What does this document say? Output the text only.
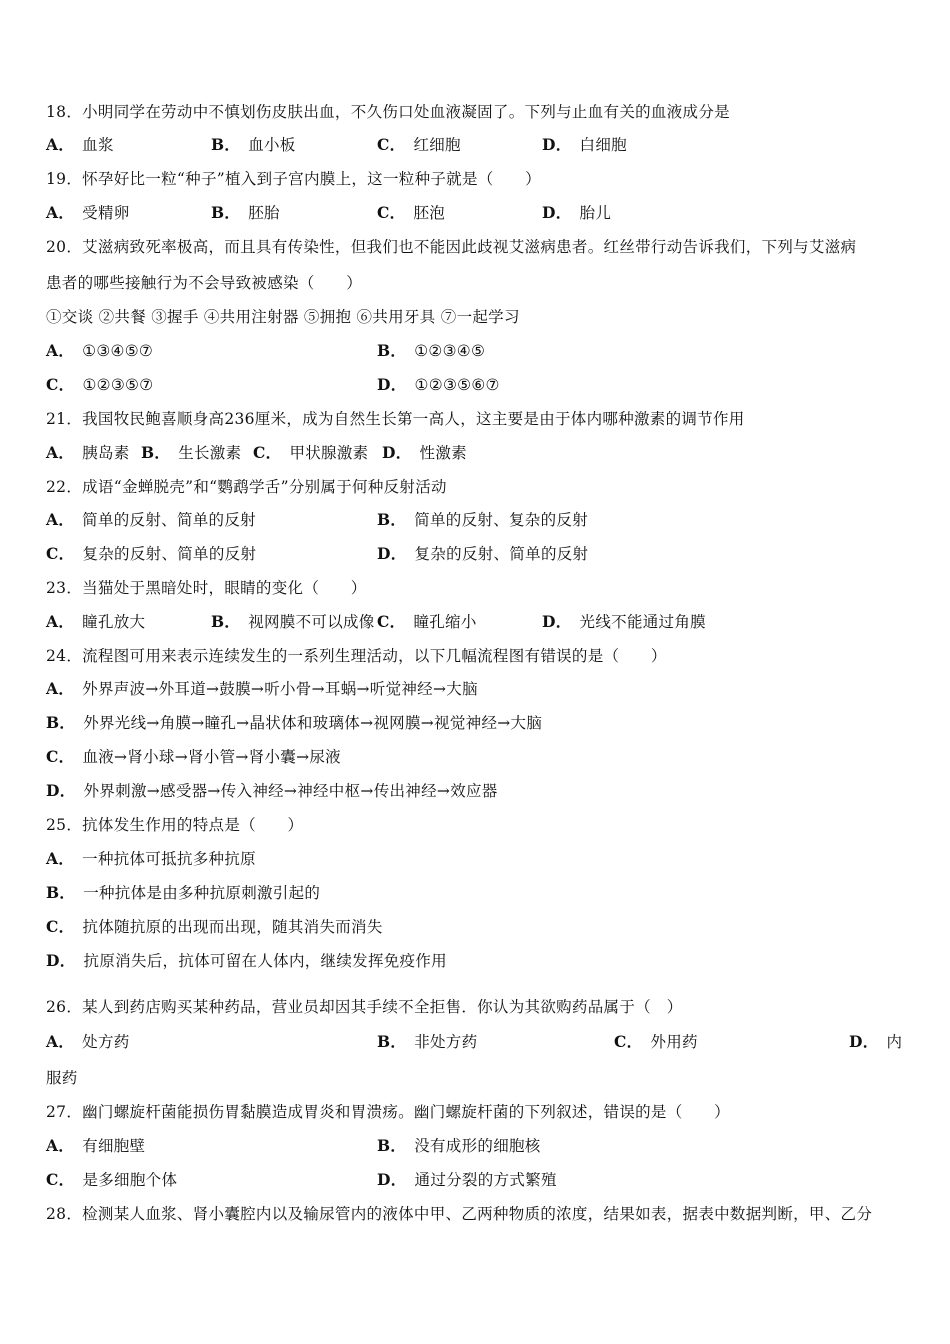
18．小明同学在劳动中不慎划伤皮肤出血，不久伤口处血液凝固了。下列与止血有关的血液成分是
A． 血浆	B． 血小板	C． 红细胞	D． 白细胞
19．怀孕好比一粒“种子”植入到子宫内膜上，这一粒种子就是（　　）
A． 受精卵	B． 胚胎	C． 胚泡	D． 胎儿
20．艾滋病致死率极高，而且具有传染性，但我们也不能因此歧视艾滋病患者。红丝带行动告诉我们，下列与艾滋病
患者的哪些接触行为不会导致被感染（　　）
①交谈 ②共餐 ③握手 ④共用注射器 ⑤拥抱 ⑥共用牙具 ⑦一起学习
A． ①③④⑤⑦	B． ①②③④⑤
C． ①②③⑤⑦	D． ①②③⑤⑥⑦
21．我国牧民鲍喜顺身高236厘米，成为自然生长第一高人，这主要是由于体内哪种激素的调节作用
A． 胰岛素 B． 生长激素 C． 甲状腺激素 D． 性激素
22．成语“金蝉脱壳”和“鹦鹉学舌”分别属于何种反射活动
A． 简单的反射、简单的反射	B． 简单的反射、复杂的反射
C． 复杂的反射、简单的反射	D． 复杂的反射、简单的反射
23．当猫处于黑暗处时，眼睛的变化（　　）
A． 瞳孔放大	B． 视网膜不可以成像 C． 瞳孔缩小	D． 光线不能通过角膜
24．流程图可用来表示连续发生的一系列生理活动，以下几幅流程图有错误的是（　　）
A． 外界声波→外耳道→鼓膜→听小骨→耳蜗→听觉神经→大脑
B． 外界光线→角膜→瞳孔→晶状体和玻璃体→视网膜→视觉神经→大脑
C． 血液→肾小球→肾小管→肾小囊→尿液
D． 外界刺激→感受器→传入神经→神经中枢→传出神经→效应器
25．抗体发生作用的特点是（　　）
A． 一种抗体可抵抗多种抗原
B． 一种抗体是由多种抗原刺激引起的
C． 抗体随抗原的出现而出现，随其消失而消失
D． 抗原消失后，抗体可留在人体内，继续发挥免疫作用
26．某人到药店购买某种药品，营业员却因其手续不全拒售．你认为其欲购药品属于（　）
A． 处方药	B． 非处方药	C． 外用药	D． 内
服药
27．幽门螺旋杆菌能损伤胃黏膜造成胃炎和胃溃疡。幽门螺旋杆菌的下列叙述，错误的是（　　）
A． 有细胞壁	B． 没有成形的细胞核
C． 是多细胞个体	D． 通过分裂的方式繁殖
28．检测某人血浆、肾小囊腔内以及输尿管内的液体中甲、乙两种物质的浓度，结果如表，据表中数据判断，甲、乙分
